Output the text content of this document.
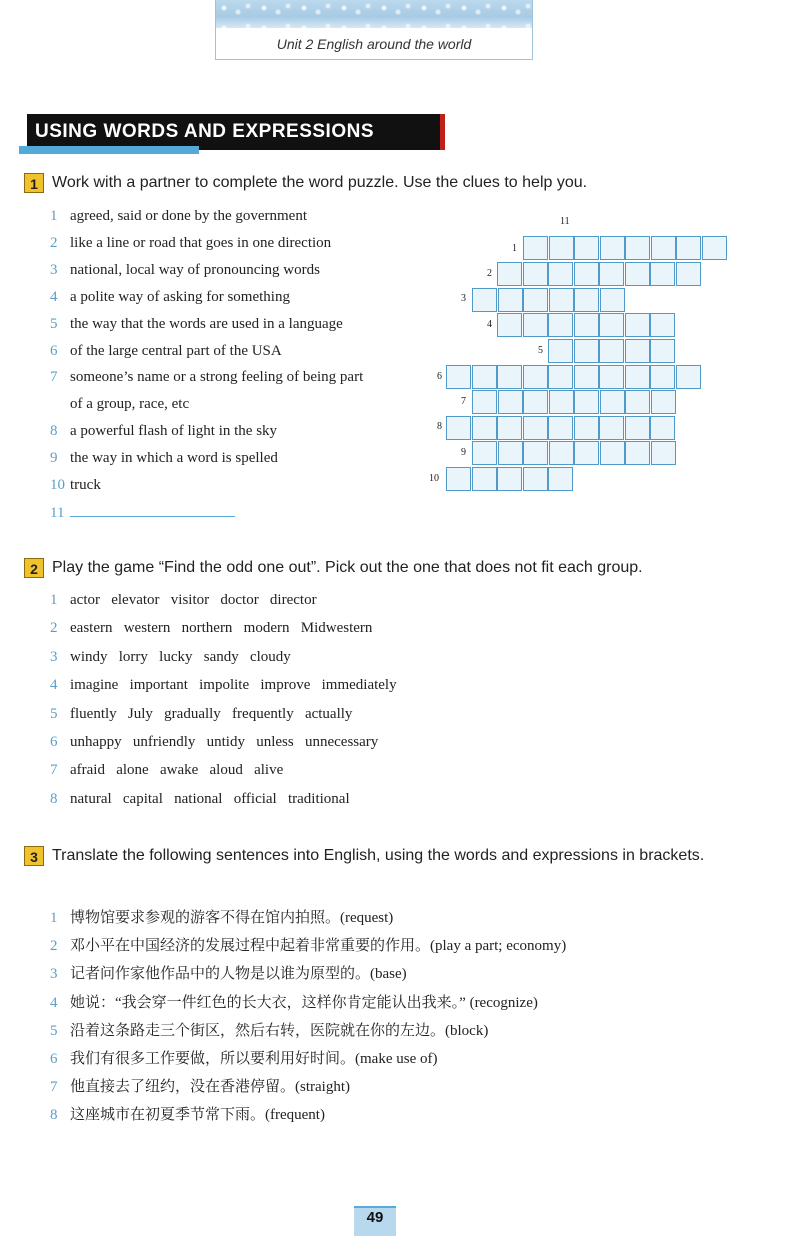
Unit 2 English around the world
USING WORDS AND EXPRESSIONS
1 Work with a partner to complete the word puzzle. Use the clues to help you.
1 agreed, said or done by the government
2 like a line or road that goes in one direction
3 national, local way of pronouncing words
4 a polite way of asking for something
5 the way that the words are used in a language
6 of the large central part of the USA
7 someone’s name or a strong feeling of being part
of a group, race, etc
8 a powerful flash of light in the sky
9 the way in which a word is spelled
10 truck
11
11
1
2
3
4
5
6
7
8
9
10
2 Play the game “Find the odd one out”. Pick out the one that does not fit each group.
1 actor   elevator   visitor   doctor   director
2 eastern   western   northern   modern   Midwestern
3 windy   lorry   lucky   sandy   cloudy
4 imagine   important   impolite   improve   immediately
5 fluently   July   gradually   frequently   actually
6 unhappy   unfriendly   untidy   unless   unnecessary
7 afraid   alone   awake   aloud   alive
8 natural   capital   national   official   traditional
3 Translate the following sentences into English, using the words and expressions in brackets.
1 博物馆要求参观的游客不得在馆内拍照。(request)
2 邓小平在中国经济的发展过程中起着非常重要的作用。(play a part; economy)
3 记者问作家他作品中的人物是以谁为原型的。(base)
4 她说：“我会穿一件红色的长大衣，这样你肯定能认出我来。” (recognize)
5 沿着这条路走三个街区，然后右转，医院就在你的左边。(block)
6 我们有很多工作要做，所以要利用好时间。(make use of)
7 他直接去了纽约，没在香港停留。(straight)
8 这座城市在初夏季节常下雨。(frequent)
49
